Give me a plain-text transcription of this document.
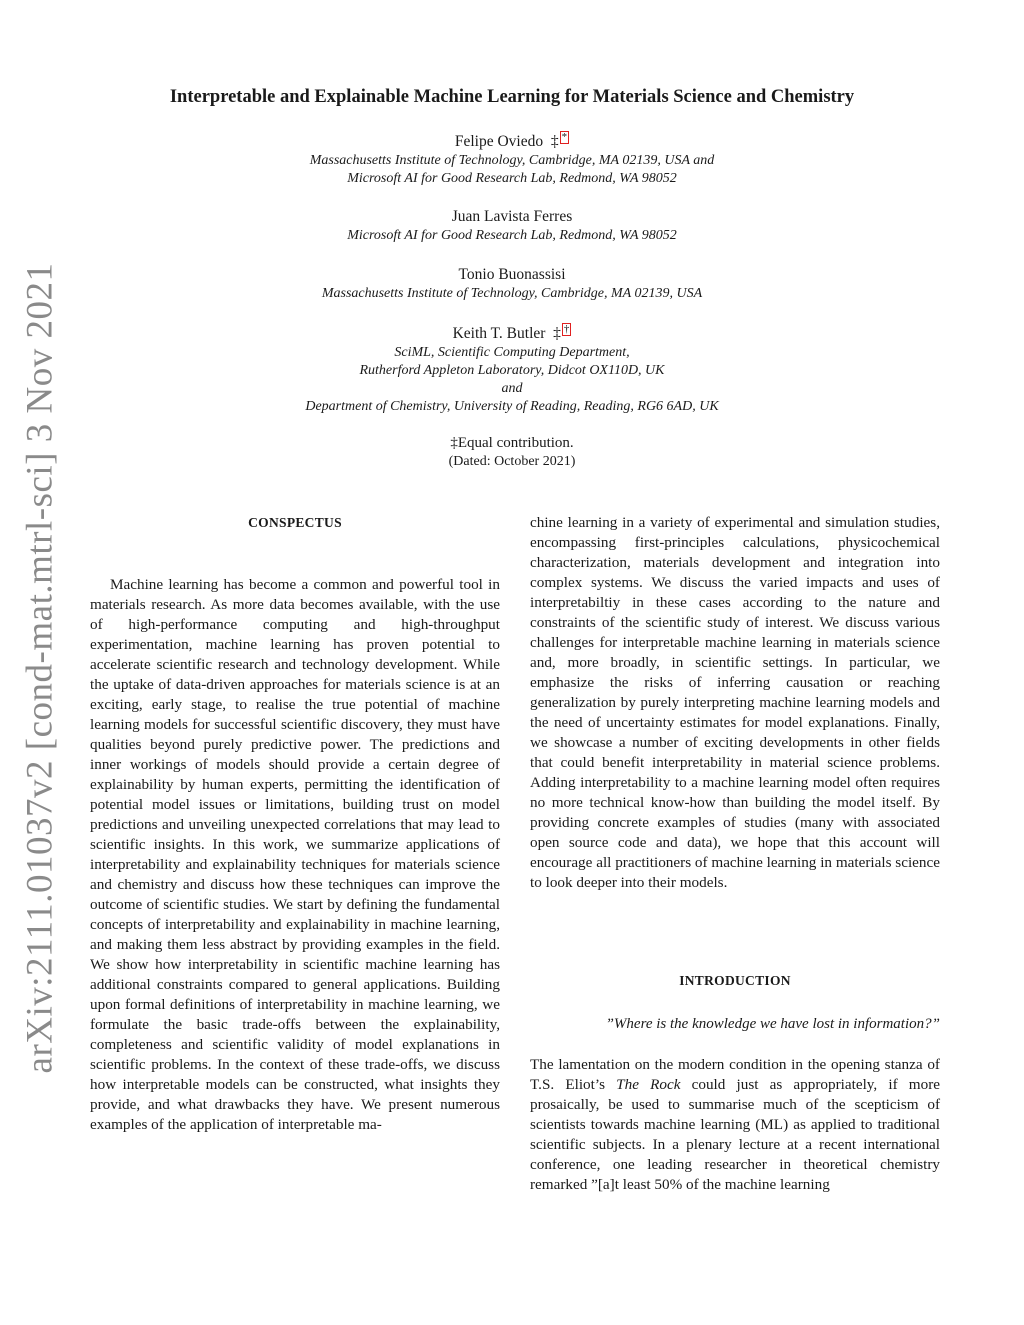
arXiv:2111.01037v2 [cond-mat.mtrl-sci] 3 Nov 2021
Interpretable and Explainable Machine Learning for Materials Science and Chemistry
Felipe Oviedo ‡ *
Massachusetts Institute of Technology, Cambridge, MA 02139, USA and
Microsoft AI for Good Research Lab, Redmond, WA 98052
Juan Lavista Ferres
Microsoft AI for Good Research Lab, Redmond, WA 98052
Tonio Buonassisi
Massachusetts Institute of Technology, Cambridge, MA 02139, USA
Keith T. Butler ‡ †
SciML, Scientific Computing Department,
Rutherford Appleton Laboratory, Didcot OX110D, UK
and
Department of Chemistry, University of Reading, Reading, RG6 6AD, UK
‡Equal contribution.
(Dated: October 2021)
CONSPECTUS

Machine learning has become a common and powerful tool in materials research. As more data becomes available, with the use of high-performance computing and high-throughput experimentation, machine learning has proven potential to accelerate scientific research and technology development. While the uptake of data-driven approaches for materials science is at an exciting, early stage, to realise the true potential of machine learning models for successful scientific discovery, they must have qualities beyond purely predictive power. The predictions and inner workings of models should provide a certain degree of explainability by human experts, permitting the identification of potential model issues or limitations, building trust on model predictions and unveiling unexpected correlations that may lead to scientific insights. In this work, we summarize applications of interpretability and explainability techniques for materials science and chemistry and discuss how these techniques can improve the outcome of scientific studies. We start by defining the fundamental concepts of interpretability and explainability in machine learning, and making them less abstract by providing examples in the field. We show how interpretability in scientific machine learning has additional constraints compared to general applications. Building upon formal definitions of interpretability in machine learning, we formulate the basic trade-offs between the explainability, completeness and scientific validity of model explanations in scientific problems. In the context of these trade-offs, we discuss how interpretable models can be constructed, what insights they provide, and what drawbacks they have. We present numerous examples of the application of interpretable ma-

chine learning in a variety of experimental and simulation studies, encompassing first-principles calculations, physicochemical characterization, materials development and integration into complex systems. We discuss the varied impacts and uses of interpretabiltiy in these cases according to the nature and constraints of the scientific study of interest. We discuss various challenges for interpretable machine learning in materials science and, more broadly, in scientific settings. In particular, we emphasize the risks of inferring causation or reaching generalization by purely interpreting machine learning models and the need of uncertainty estimates for model explanations. Finally, we showcase a number of exciting developments in other fields that could benefit interpretability in material science problems. Adding interpretability to a machine learning model often requires no more technical know-how than building the model itself. By providing concrete examples of studies (many with associated open source code and data), we hope that this account will encourage all practitioners of machine learning in materials science to look deeper into their models.

INTRODUCTION
”Where is the knowledge we have lost in information?”

The lamentation on the modern condition in the opening stanza of T.S. Eliot’s The Rock could just as appropriately, if more prosaically, be used to summarise much of the scepticism of scientists towards machine learning (ML) as applied to traditional scientific subjects. In a plenary lecture at a recent international conference, one leading researcher in theoretical chemistry remarked ”[a]t least 50% of the machine learning
